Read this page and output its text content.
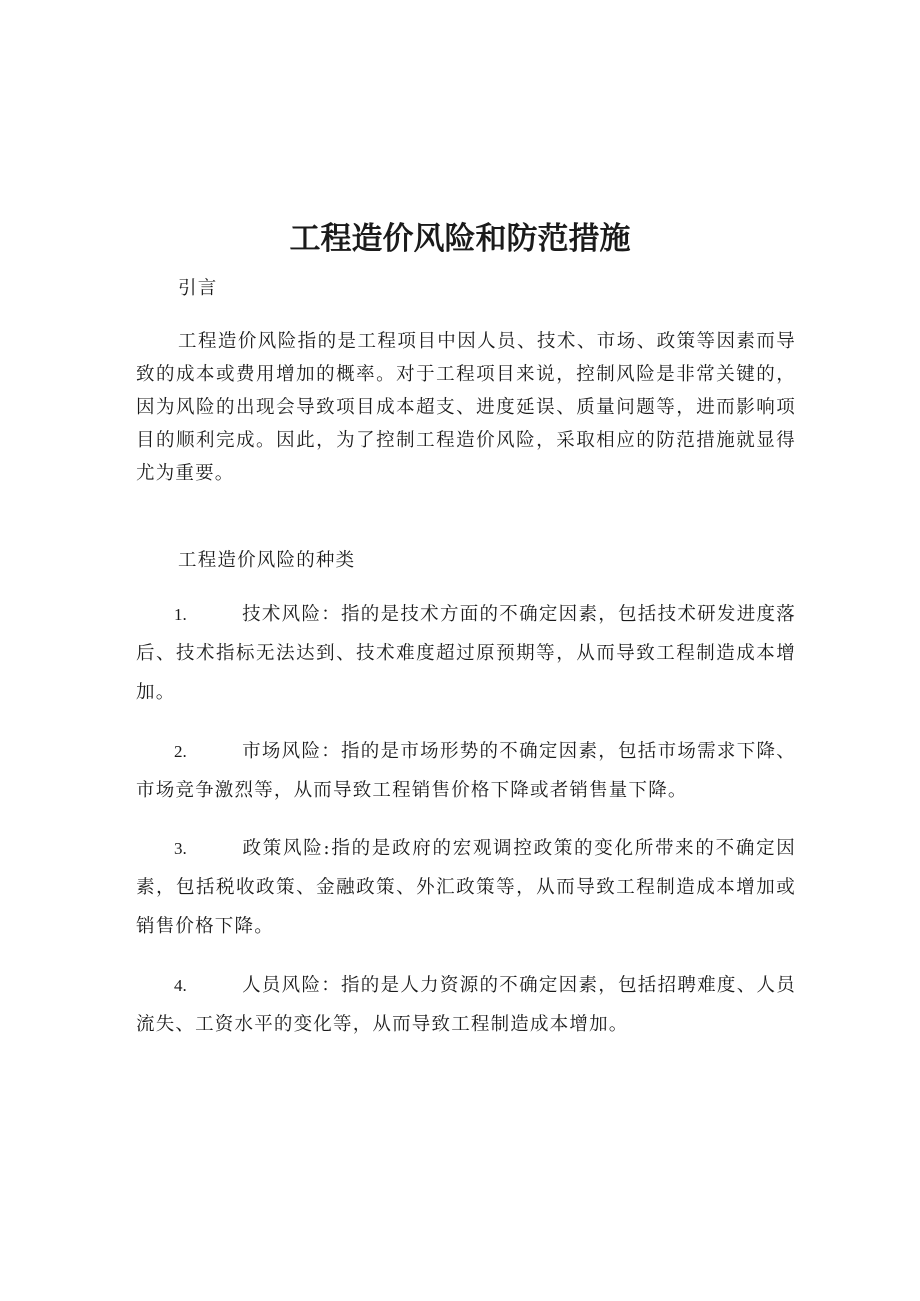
工程造价风险和防范措施

引言

工程造价风险指的是工程项目中因人员、技术、市场、政策等因素而导致的成本或费用增加的概率。对于工程项目来说，控制风险是非常关键的，因为风险的出现会导致项目成本超支、进度延误、质量问题等，进而影响项目的顺利完成。因此，为了控制工程造价风险，采取相应的防范措施就显得尤为重要。

工程造价风险的种类

1.	技术风险：指的是技术方面的不确定因素，包括技术研发进度落后、技术指标无法达到、技术难度超过原预期等，从而导致工程制造成本增加。

2.	市场风险：指的是市场形势的不确定因素，包括市场需求下降、市场竞争激烈等，从而导致工程销售价格下降或者销售量下降。

3.	政策风险:指的是政府的宏观调控政策的变化所带来的不确定因素，包括税收政策、金融政策、外汇政策等，从而导致工程制造成本增加或销售价格下降。

4.	人员风险：指的是人力资源的不确定因素，包括招聘难度、人员流失、工资水平的变化等，从而导致工程制造成本增加。
